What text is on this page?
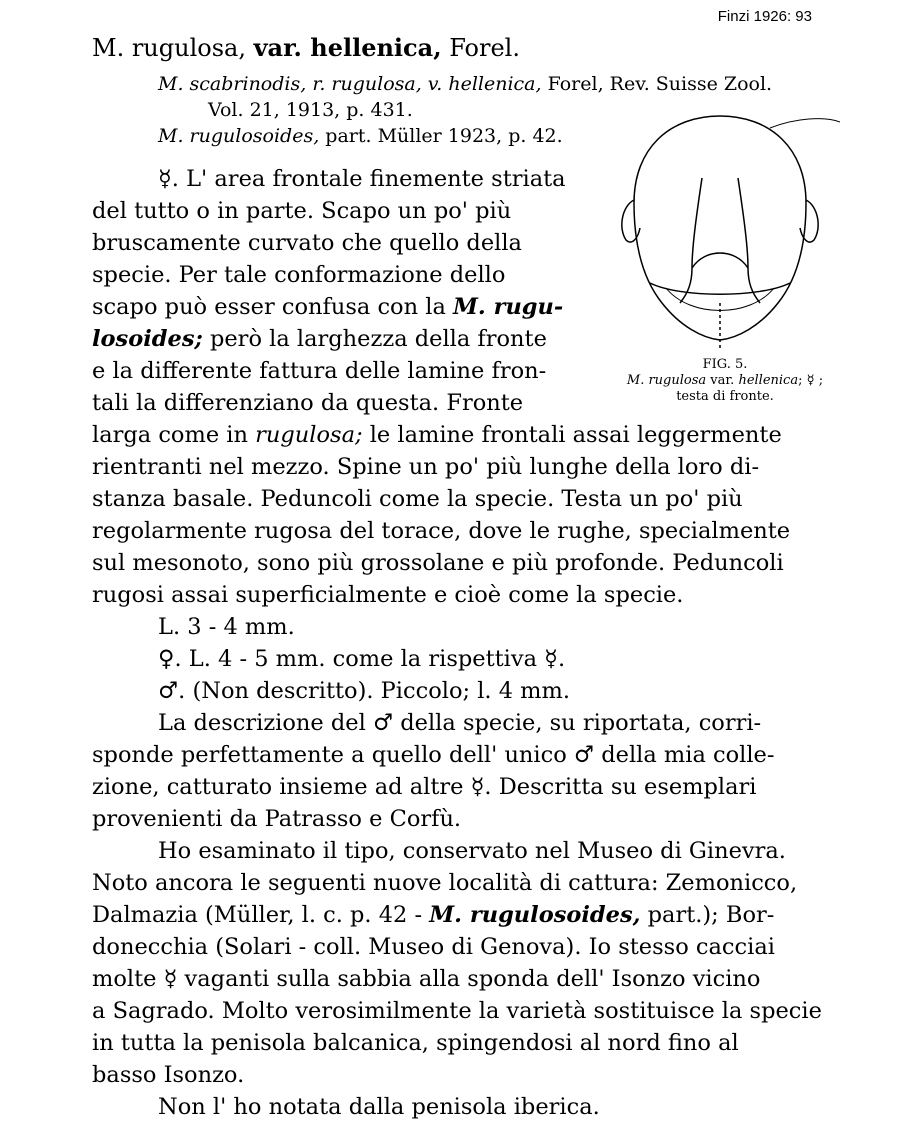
Finzi 1926: 93
M. rugulosa, var. hellenica, Forel.
M. scabrinodis, r. rugulosa, v. hellenica, Forel, Rev. Suisse Zool.
Vol. 21, 1913, p. 431.
M. rugulosoides, part. Müller 1923, p. 42.
FIG. 5.
M. rugulosa var. hellenica; ☿ ;
testa di fronte.
☿. L' area frontale finemente striata
del tutto o in parte. Scapo un po' più
bruscamente curvato che quello della
specie. Per tale conformazione dello
scapo può esser confusa con la M. rugu-
losoides; però la larghezza della fronte
e la differente fattura delle lamine fron-
tali la differenziano da questa. Fronte
larga come in rugulosa; le lamine frontali assai leggermente
rientranti nel mezzo. Spine un po' più lunghe della loro di-
stanza basale. Peduncoli come la specie. Testa un po' più
regolarmente rugosa del torace, dove le rughe, specialmente
sul mesonoto, sono più grossolane e più profonde. Peduncoli
rugosi assai superficialmente e cioè come la specie.
L. 3 - 4 mm.
♀. L. 4 - 5 mm. come la rispettiva ☿.
♂. (Non descritto). Piccolo; l. 4 mm.
La descrizione del ♂ della specie, su riportata, corri-
sponde perfettamente a quello dell' unico ♂ della mia colle-
zione, catturato insieme ad altre ☿. Descritta su esemplari
provenienti da Patrasso e Corfù.
Ho esaminato il tipo, conservato nel Museo di Ginevra.
Noto ancora le seguenti nuove località di cattura: Zemonicco,
Dalmazia (Müller, l. c. p. 42 - M. rugulosoides, part.); Bor-
donecchia (Solari - coll. Museo di Genova). Io stesso cacciai
molte ☿ vaganti sulla sabbia alla sponda dell' Isonzo vicino
a Sagrado. Molto verosimilmente la varietà sostituisce la specie
in tutta la penisola balcanica, spingendosi al nord fino al
basso Isonzo.
Non l' ho notata dalla penisola iberica.
